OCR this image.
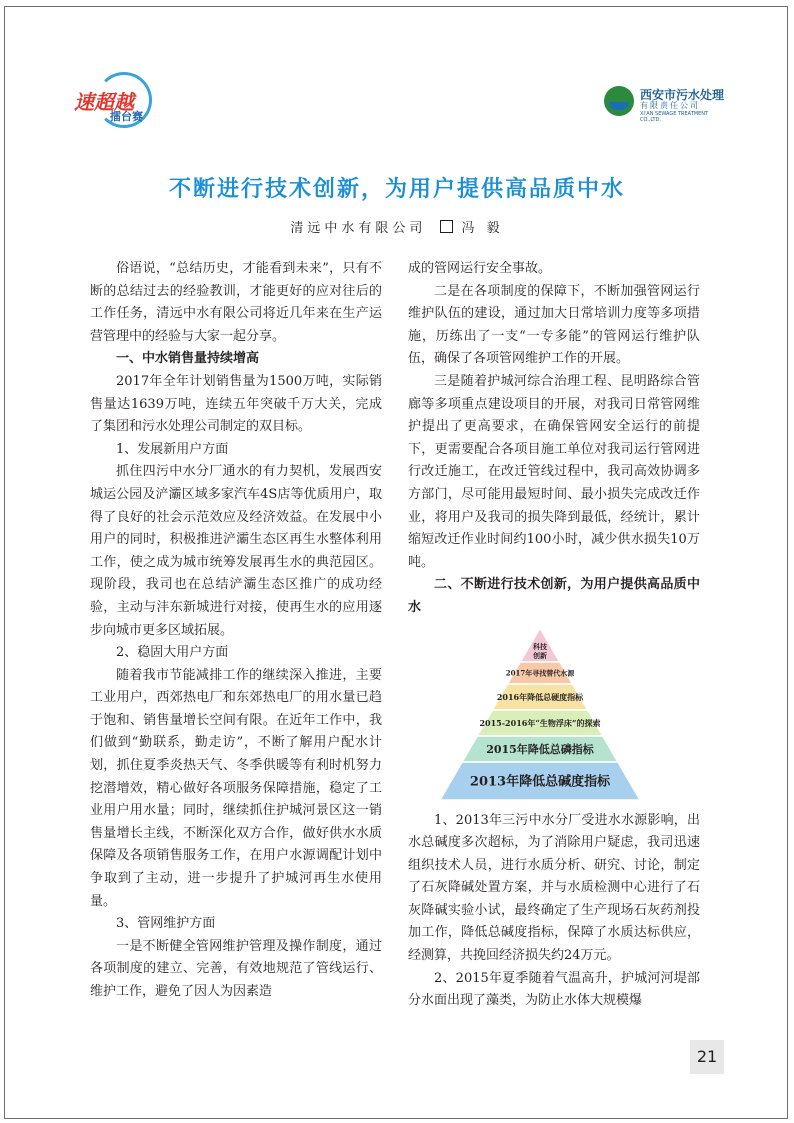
速超越
擂台赛
西安市污水处理
有限责任公司
XI'AN SEWAGE TREATMENT CO.,LTD.
不断进行技术创新，为用户提供高品质中水
清远中水有限公司	冯 毅

俗语说，“总结历史，才能看到未来”，只有不断的总结过去的经验教训，才能更好的应对往后的工作任务，清远中水有限公司将近几年来在生产运营管理中的经验与大家一起分享。

一、中水销售量持续增高

2017年全年计划销售量为1500万吨，实际销售量达1639万吨，连续五年突破千万大关，完成了集团和污水处理公司制定的双目标。

1、发展新用户方面

抓住四污中水分厂通水的有力契机，发展西安城运公园及浐灞区域多家汽车4S店等优质用户，取得了良好的社会示范效应及经济效益。在发展中小用户的同时，积极推进浐灞生态区再生水整体利用工作，使之成为城市统筹发展再生水的典范园区。现阶段，我司也在总结浐灞生态区推广的成功经验，主动与沣东新城进行对接，使再生水的应用逐步向城市更多区域拓展。

2、稳固大用户方面

随着我市节能减排工作的继续深入推进，主要工业用户，西郊热电厂和东郊热电厂的用水量已趋于饱和、销售量增长空间有限。在近年工作中，我们做到“勤联系，勤走访”，不断了解用户配水计划，抓住夏季炎热天气、冬季供暖等有利时机努力挖潜增效，精心做好各项服务保障措施，稳定了工业用户用水量；同时，继续抓住护城河景区这一销售量增长主线，不断深化双方合作，做好供水水质保障及各项销售服务工作，在用户水源调配计划中争取到了主动，进一步提升了护城河再生水使用量。

3、管网维护方面

一是不断健全管网维护管理及操作制度，通过各项制度的建立、完善，有效地规范了管线运行、维护工作，避免了因人为因素造

成的管网运行安全事故。

二是在各项制度的保障下，不断加强管网运行维护队伍的建设，通过加大日常培训力度等多项措施，历练出了一支“一专多能”的管网运行维护队伍，确保了各项管网维护工作的开展。

三是随着护城河综合治理工程、昆明路综合管廊等多项重点建设项目的开展，对我司日常管网维护提出了更高要求，在确保管网安全运行的前提下，更需要配合各项目施工单位对我司运行管网进行改迁施工，在改迁管线过程中，我司高效协调多方部门，尽可能用最短时间、最小损失完成改迁作业，将用户及我司的损失降到最低，经统计，累计缩短改迁作业时间约100小时，减少供水损失10万吨。

二、不断进行技术创新，为用户提供高品质中水
科技
创新
2017年寻找替代水源
2016年降低总硬度指标
2015-2016年“生物浮床”的探索
2015年降低总磷指标
2013年降低总碱度指标

1、2013年三污中水分厂受进水水源影响，出水总碱度多次超标，为了消除用户疑虑，我司迅速组织技术人员，进行水质分析、研究、讨论，制定了石灰降碱处置方案，并与水质检测中心进行了石灰降碱实验小试，最终确定了生产现场石灰药剂投加工作，降低总碱度指标，保障了水质达标供应，经测算，共挽回经济损失约24万元。

2、2015年夏季随着气温高升，护城河河堤部分水面出现了藻类，为防止水体大规模爆

21
